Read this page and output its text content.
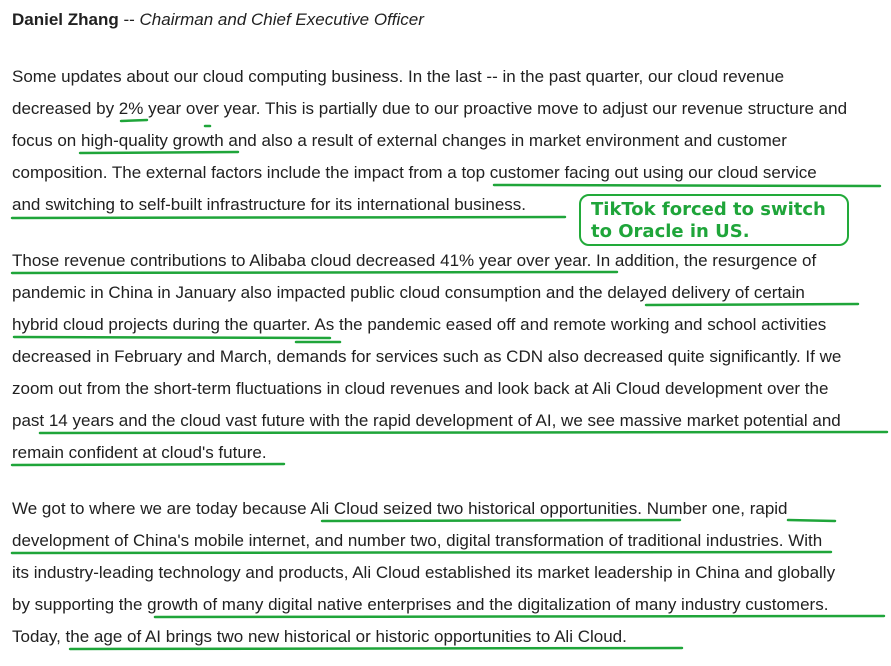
Daniel Zhang -- Chairman and Chief Executive Officer
Some updates about our cloud computing business. In the last -- in the past quarter, our cloud revenue
decreased by 2% year over year. This is partially due to our proactive move to adjust our revenue structure and
focus on high-quality growth and also a result of external changes in market environment and customer
composition. The external factors include the impact from a top customer facing out using our cloud service
and switching to self-built infrastructure for its international business.
Those revenue contributions to Alibaba cloud decreased 41% year over year. In addition, the resurgence of
pandemic in China in January also impacted public cloud consumption and the delayed delivery of certain
hybrid cloud projects during the quarter. As the pandemic eased off and remote working and school activities
decreased in February and March, demands for services such as CDN also decreased quite significantly. If we
zoom out from the short-term fluctuations in cloud revenues and look back at Ali Cloud development over the
past 14 years and the cloud vast future with the rapid development of AI, we see massive market potential and
remain confident at cloud's future.
We got to where we are today because Ali Cloud seized two historical opportunities. Number one, rapid
development of China's mobile internet, and number two, digital transformation of traditional industries. With
its industry-leading technology and products, Ali Cloud established its market leadership in China and globally
by supporting the growth of many digital native enterprises and the digitalization of many industry customers.
Today, the age of AI brings two new historical or historic opportunities to Ali Cloud.
TikTok forced to switch
to Oracle in US.
